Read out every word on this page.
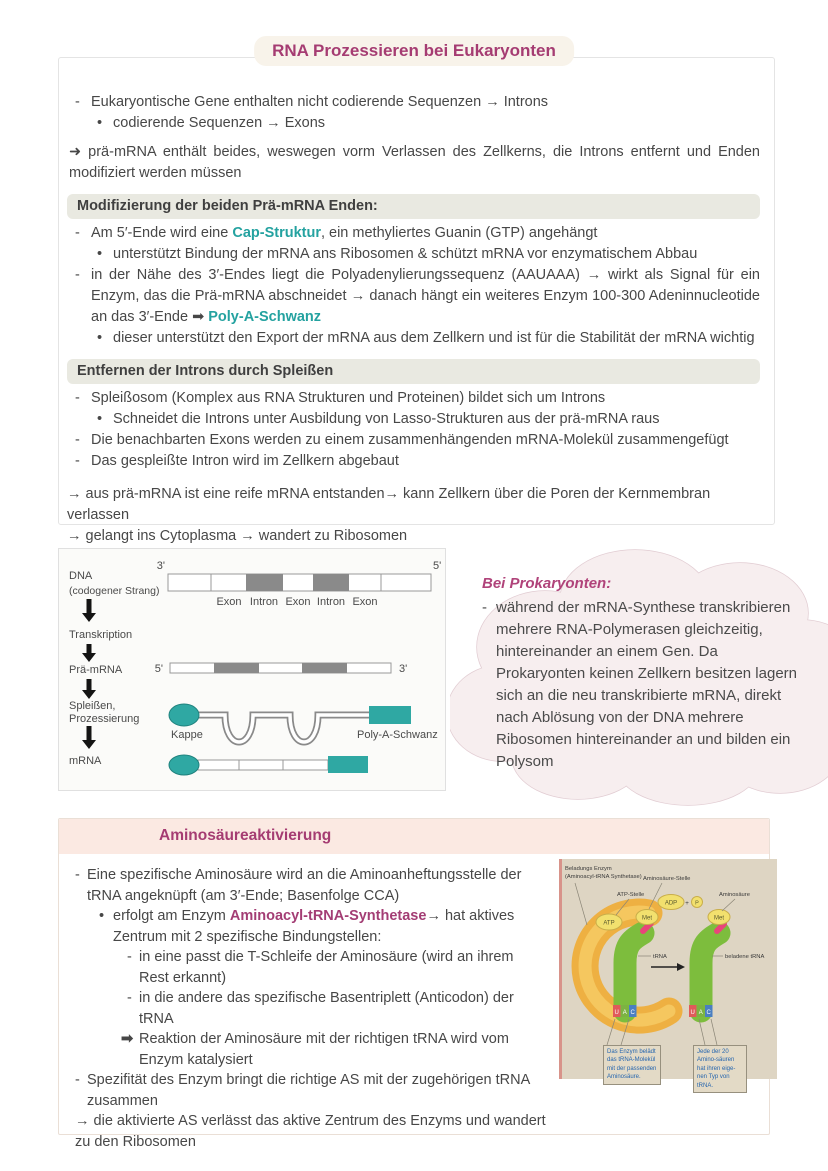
RNA Prozessieren bei Eukaryonten
- Eukaryontische Gene enthalten nicht codierende Sequenzen → Introns
• codierende Sequenzen → Exons
➜ prä-mRNA enthält beides, weswegen vorm Verlassen des Zellkerns, die Introns entfernt und Enden modifiziert werden müssen
Modifizierung der beiden Prä-mRNA Enden:
- Am 5′-Ende wird eine Cap-Struktur, ein methyliertes Guanin (GTP) angehängt
• unterstützt Bindung der mRNA ans Ribosomen & schützt mRNA vor enzymatischem Abbau
- in der Nähe des 3′-Endes liegt die Polyadenylierungssequenz (AAUAAA) → wirkt als Signal für ein Enzym, das die Prä-mRNA abschneidet → danach hängt ein weiteres Enzym 100-300 Adeninnucleotide an das 3′-Ende ➡ Poly-A-Schwanz
• dieser unterstützt den Export der mRNA aus dem Zellkern und ist für die Stabilität der mRNA wichtig
Entfernen der Introns durch Spleißen
- Spleißosom (Komplex aus RNA Strukturen und Proteinen) bildet sich um Introns
• Schneidet die Introns unter Ausbildung von Lasso-Strukturen aus der prä-mRNA raus
- Die benachbarten Exons werden zu einem zusammenhängenden mRNA-Molekül zusammengefügt
- Das gespleißte Intron wird im Zellkern abgebaut
→ aus prä-mRNA ist eine reife mRNA entstanden→ kann Zellkern über die Poren der Kernmembran verlassen
→ gelangt ins Cytoplasma → wandert zu Ribosomen
DNA
(codogener Strang)
Transkription
Prä-mRNA
Spleißen,
Prozessierung
mRNA
3'	5'
Exon Intron Exon Intron Exon
5'	3'
Kappe	Poly-A-Schwanz
Bei Prokaryonten:
- während der mRNA-Synthese transkribieren mehrere RNA-Polymerasen gleichzeitig, hintereinander an einem Gen. Da Prokaryonten keinen Zellkern besitzen lagern sich an die neu transkribierte mRNA, direkt nach Ablösung von der DNA mehrere Ribosomen hintereinander an und bilden ein Polysom
Aminosäureaktivierung
- Eine spezifische Aminosäure wird an die Aminoanheftungsstelle der tRNA angeknüpft (am 3′-Ende; Basenfolge CCA)
• erfolgt am Enzym Aminoacyl-tRNA-Synthetase→ hat aktives Zentrum mit 2 spezifische Bindungstellen:
- in eine passt die T-Schleife der Aminosäure (wird an ihrem Rest erkannt)
- in die andere das spezifische Basentriplett (Anticodon) der tRNA
➡ Reaktion der Aminosäure mit der richtigen tRNA wird vom Enzym katalysiert
- Spezifität des Enzym bringt die richtige AS mit der zugehörigen tRNA zusammen
→ die aktivierte AS verlässt das aktive Zentrum des Enzyms und wandert zu den Ribosomen
Met
ATP
U A C
Met
U A C
ADP + P
Beladungs Enzym
(Aminoacyl-tRNA Synthetase)
ATP-Stelle
Aminosäure-Stelle
Aminosäure
tRNA	beladene tRNA
Das Enzym belädt das tRNA-Molekül mit der passenden Aminosäure.
Jede der 20 Amino-säuren hat ihren eige-nen Typ von tRNA.
